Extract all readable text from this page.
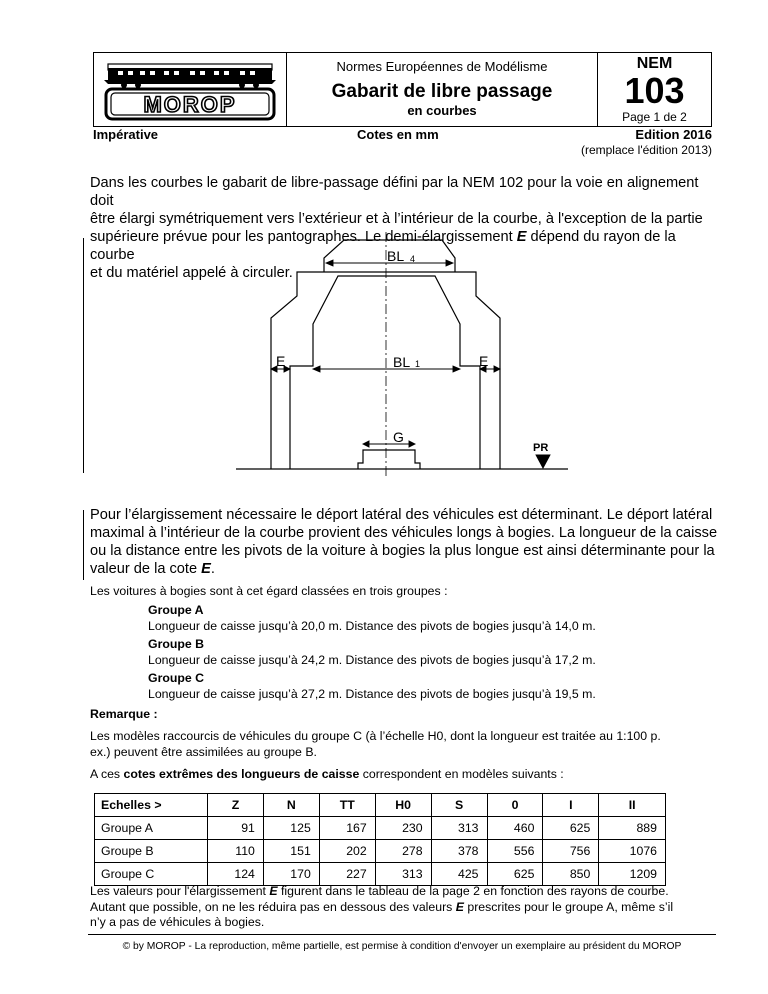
MOROP
Normes Européennes de Modélisme
Gabarit de libre passage
en courbes
NEM
103
Page 1 de 2
Impérative	Cotes en mm	Edition 2016
(remplace l'édition 2013)
Dans les courbes le gabarit de libre-passage défini par la NEM 102 pour la voie en alignement doit
être élargi symétriquement vers l’extérieur et à l’intérieur de la courbe, à l'exception de la partie
supérieure prévue pour les pantographes. Le demi-élargissement E dépend du rayon de la courbe
et du matériel appelé à circuler.
BL 4
BL 1
E	E
G
PR
Pour l’élargissement nécessaire le déport latéral des véhicules est déterminant. Le déport latéral
maximal à l’intérieur de la courbe provient des véhicules longs à bogies. La longueur de la caisse
ou la distance entre les pivots de la voiture à bogies la plus longue est ainsi déterminante pour la
valeur de la cote E.
Les voitures à bogies sont à cet égard classées en trois groupes :
Groupe A
Longueur de caisse jusqu’à 20,0 m. Distance des pivots de bogies jusqu’à 14,0 m.
Groupe B
Longueur de caisse jusqu’à 24,2 m. Distance des pivots de bogies jusqu’à 17,2 m.
Groupe C
Longueur de caisse jusqu’à 27,2 m. Distance des pivots de bogies jusqu’à 19,5 m.
Remarque :
Les modèles raccourcis de véhicules du groupe C (à l’échelle H0, dont la longueur est traitée au 1:100 p.
ex.) peuvent être assimilées au groupe B.
A ces cotes extrêmes des longueurs de caisse correspondent en modèles suivants :
Echelles >	Z	N	TT	H0	S	0	I	II
Groupe A	91	125	167	230	313	460	625	889
Groupe B	110	151	202	278	378	556	756	1076
Groupe C	124	170	227	313	425	625	850	1209
Les valeurs pour l'élargissement E figurent dans le tableau de la page 2 en fonction des rayons de courbe.
Autant que possible, on ne les réduira pas en dessous des valeurs E prescrites pour le groupe A, même s’il
n’y a pas de véhicules à bogies.
© by MOROP - La reproduction, même partielle, est permise à condition d'envoyer un exemplaire au président du MOROP
